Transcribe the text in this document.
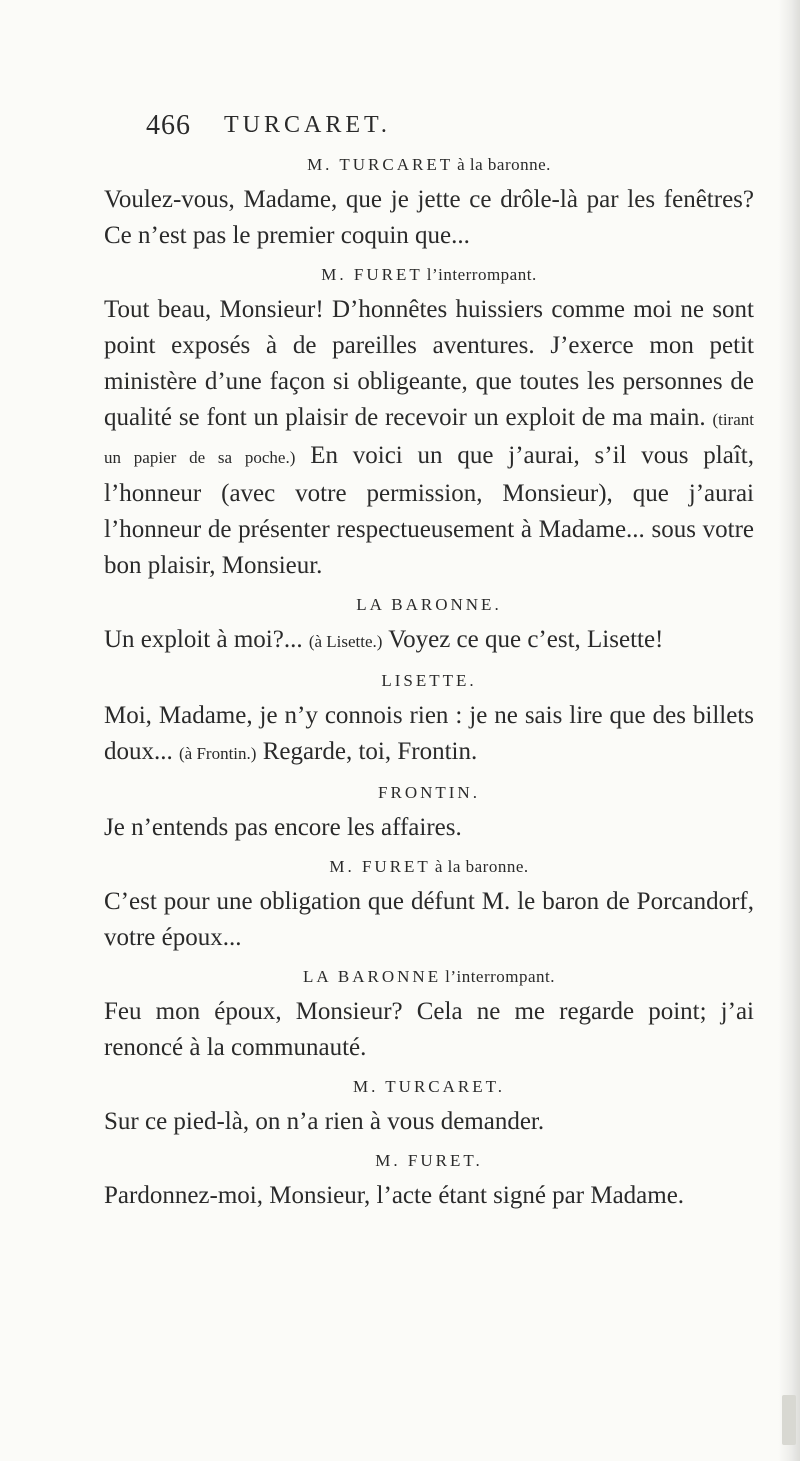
466 TURCARET.
M. TURCARET à la baronne.
Voulez-vous, Madame, que je jette ce drôle-là par les fenêtres? Ce n’est pas le premier coquin que...
M. FURET l’interrompant.
Tout beau, Monsieur! D’honnêtes huissiers comme moi ne sont point exposés à de pareilles aventures. J’exerce mon petit ministère d’une façon si obligeante, que toutes les personnes de qualité se font un plaisir de recevoir un exploit de ma main. (tirant un papier de sa poche.) En voici un que j’aurai, s’il vous plaît, l’honneur (avec votre permission, Monsieur), que j’aurai l’honneur de présenter respectueusement à Madame... sous votre bon plaisir, Monsieur.
LA BARONNE.
Un exploit à moi?... (à Lisette.) Voyez ce que c’est, Lisette!
LISETTE.
Moi, Madame, je n’y connois rien : je ne sais lire que des billets doux... (à Frontin.) Regarde, toi, Frontin.
FRONTIN.
Je n’entends pas encore les affaires.
M. FURET à la baronne.
C’est pour une obligation que défunt M. le baron de Porcandorf, votre époux...
LA BARONNE l’interrompant.
Feu mon époux, Monsieur? Cela ne me regarde point; j’ai renoncé à la communauté.
M. TURCARET.
Sur ce pied-là, on n’a rien à vous demander.
M. FURET.
Pardonnez-moi, Monsieur, l’acte étant signé par Madame.
